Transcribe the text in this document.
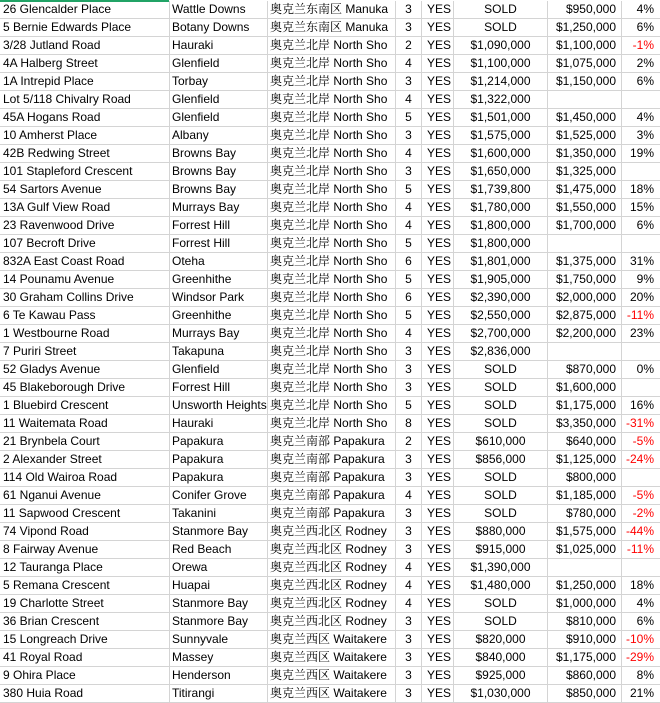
26 Glencalder Place	Wattle Downs	奥克兰东南区 Manuka	3	YES	SOLD	$950,000	4%
5 Bernie Edwards Place	Botany Downs	奥克兰东南区 Manuka	3	YES	SOLD	$1,250,000	6%
3/28 Jutland Road	Hauraki	奥克兰北岸 North Sho	2	YES	$1,090,000	$1,100,000	-1%
4A Halberg Street	Glenfield	奥克兰北岸 North Sho	4	YES	$1,100,000	$1,075,000	2%
1A Intrepid Place	Torbay	奥克兰北岸 North Sho	3	YES	$1,214,000	$1,150,000	6%
Lot 5/118 Chivalry Road	Glenfield	奥克兰北岸 North Sho	4	YES	$1,322,000
45A Hogans Road	Glenfield	奥克兰北岸 North Sho	5	YES	$1,501,000	$1,450,000	4%
10 Amherst Place	Albany	奥克兰北岸 North Sho	3	YES	$1,575,000	$1,525,000	3%
42B Redwing Street	Browns Bay	奥克兰北岸 North Sho	4	YES	$1,600,000	$1,350,000	19%
101 Stapleford Crescent	Browns Bay	奥克兰北岸 North Sho	3	YES	$1,650,000	$1,325,000
54 Sartors Avenue	Browns Bay	奥克兰北岸 North Sho	5	YES	$1,739,800	$1,475,000	18%
13A Gulf View Road	Murrays Bay	奥克兰北岸 North Sho	4	YES	$1,780,000	$1,550,000	15%
23 Ravenwood Drive	Forrest Hill	奥克兰北岸 North Sho	4	YES	$1,800,000	$1,700,000	6%
107 Becroft Drive	Forrest Hill	奥克兰北岸 North Sho	5	YES	$1,800,000
832A East Coast Road	Oteha	奥克兰北岸 North Sho	6	YES	$1,801,000	$1,375,000	31%
14 Pounamu Avenue	Greenhithe	奥克兰北岸 North Sho	5	YES	$1,905,000	$1,750,000	9%
30 Graham Collins Drive	Windsor Park	奥克兰北岸 North Sho	6	YES	$2,390,000	$2,000,000	20%
6 Te Kawau Pass	Greenhithe	奥克兰北岸 North Sho	5	YES	$2,550,000	$2,875,000 -11%
1 Westbourne Road	Murrays Bay	奥克兰北岸 North Sho	4	YES	$2,700,000	$2,200,000	23%
7 Puriri Street	Takapuna	奥克兰北岸 North Sho	3	YES	$2,836,000
52 Gladys Avenue	Glenfield	奥克兰北岸 North Sho	3	YES	SOLD	$870,000	0%
45 Blakeborough Drive	Forrest Hill	奥克兰北岸 North Sho	3	YES	SOLD	$1,600,000
1 Bluebird Crescent	Unsworth Heights 奥克兰北岸 North Sho	5	YES	SOLD	$1,175,000	16%
11 Waitemata Road	Hauraki	奥克兰北岸 North Sho	8	YES	SOLD	$3,350,000 -31%
21 Brynbela Court	Papakura	奥克兰南部 Papakura	2	YES	$610,000	$640,000	-5%
2 Alexander Street	Papakura	奥克兰南部 Papakura	3	YES	$856,000	$1,125,000 -24%
114 Old Wairoa Road	Papakura	奥克兰南部 Papakura	3	YES	SOLD	$800,000
61 Nganui Avenue	Conifer Grove	奥克兰南部 Papakura	4	YES	SOLD	$1,185,000	-5%
11 Sapwood Crescent	Takanini	奥克兰南部 Papakura	3	YES	SOLD	$780,000	-2%
74 Vipond Road	Stanmore Bay	奥克兰西北区 Rodney	3	YES	$880,000	$1,575,000 -44%
8 Fairway Avenue	Red Beach	奥克兰西北区 Rodney	3	YES	$915,000	$1,025,000 -11%
12 Tauranga Place	Orewa	奥克兰西北区 Rodney	4	YES	$1,390,000
5 Remana Crescent	Huapai	奥克兰西北区 Rodney	4	YES	$1,480,000	$1,250,000	18%
19 Charlotte Street	Stanmore Bay	奥克兰西北区 Rodney	4	YES	SOLD	$1,000,000	4%
36 Brian Crescent	Stanmore Bay	奥克兰西北区 Rodney	3	YES	SOLD	$810,000	6%
15 Longreach Drive	Sunnyvale	奥克兰西区 Waitakere	3	YES	$820,000	$910,000 -10%
41 Royal Road	Massey	奥克兰西区 Waitakere	3	YES	$840,000	$1,175,000 -29%
9 Ohira Place	Henderson	奥克兰西区 Waitakere	3	YES	$925,000	$860,000	8%
380 Huia Road	Titirangi	奥克兰西区 Waitakere	3	YES	$1,030,000	$850,000	21%
